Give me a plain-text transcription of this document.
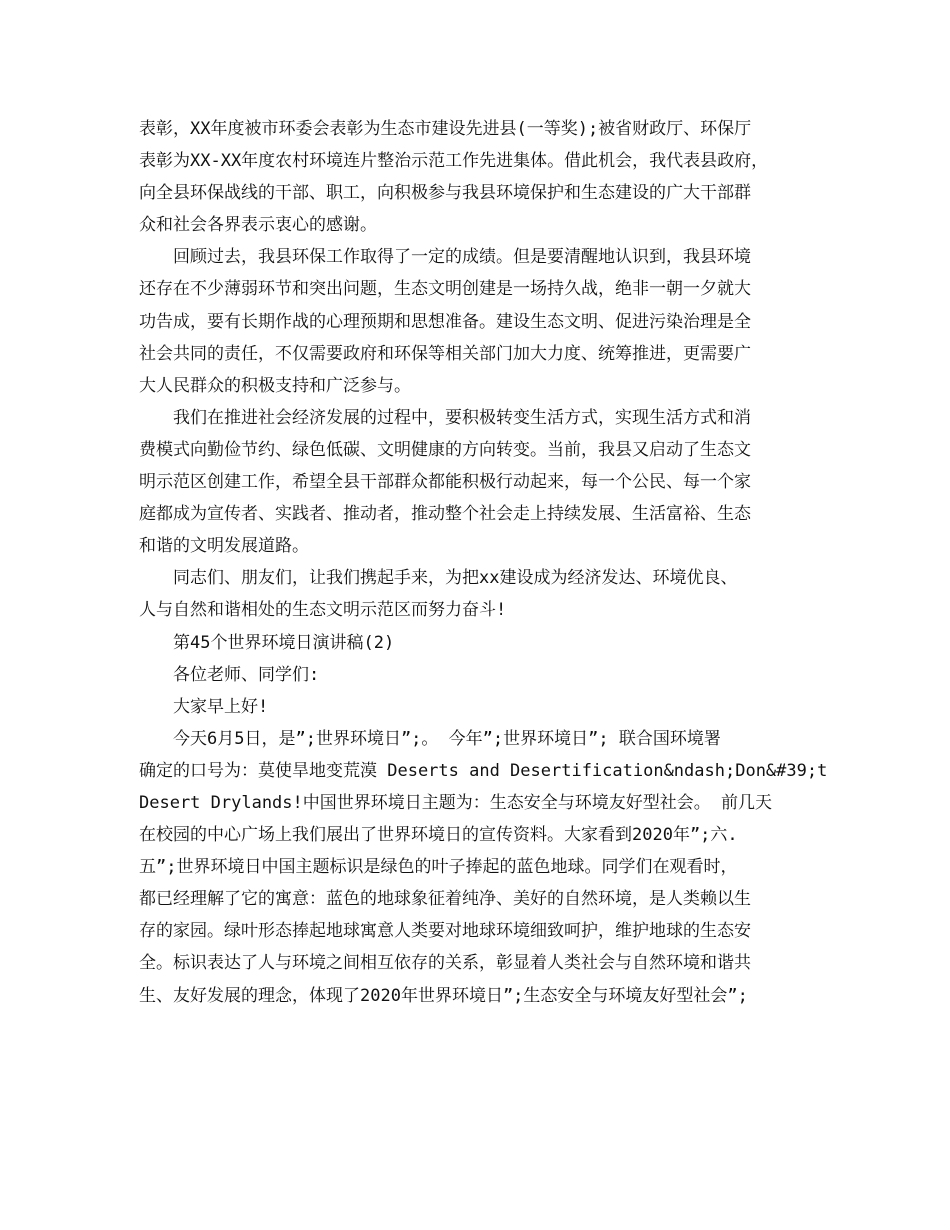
表彰，XX年度被市环委会表彰为生态市建设先进县(一等奖);被省财政厅、环保厅
表彰为XX-XX年度农村环境连片整治示范工作先进集体。借此机会，我代表县政府，
向全县环保战线的干部、职工，向积极参与我县环境保护和生态建设的广大干部群
众和社会各界表示衷心的感谢。
回顾过去，我县环保工作取得了一定的成绩。但是要清醒地认识到，我县环境
还存在不少薄弱环节和突出问题，生态文明创建是一场持久战，绝非一朝一夕就大
功告成，要有长期作战的心理预期和思想准备。建设生态文明、促进污染治理是全
社会共同的责任，不仅需要政府和环保等相关部门加大力度、统筹推进，更需要广
大人民群众的积极支持和广泛参与。
我们在推进社会经济发展的过程中，要积极转变生活方式，实现生活方式和消
费模式向勤俭节约、绿色低碳、文明健康的方向转变。当前，我县又启动了生态文
明示范区创建工作，希望全县干部群众都能积极行动起来，每一个公民、每一个家
庭都成为宣传者、实践者、推动者，推动整个社会走上持续发展、生活富裕、生态
和谐的文明发展道路。
同志们、朋友们，让我们携起手来，为把xx建设成为经济发达、环境优良、
人与自然和谐相处的生态文明示范区而努力奋斗!
第45个世界环境日演讲稿(2)
各位老师、同学们:
大家早上好!
今天6月5日，是”;世界环境日”;。 今年”;世界环境日”; 联合国环境署
确定的口号为：莫使旱地变荒漠 Deserts and Desertification&ndash;Don&#39;t
Desert Drylands!中国世界环境日主题为：生态安全与环境友好型社会。 前几天
在校园的中心广场上我们展出了世界环境日的宣传资料。大家看到2020年”;六.
五”;世界环境日中国主题标识是绿色的叶子捧起的蓝色地球。同学们在观看时，
都已经理解了它的寓意：蓝色的地球象征着纯净、美好的自然环境，是人类赖以生
存的家园。绿叶形态捧起地球寓意人类要对地球环境细致呵护，维护地球的生态安
全。标识表达了人与环境之间相互依存的关系，彰显着人类社会与自然环境和谐共
生、友好发展的理念，体现了2020年世界环境日”;生态安全与环境友好型社会”;
